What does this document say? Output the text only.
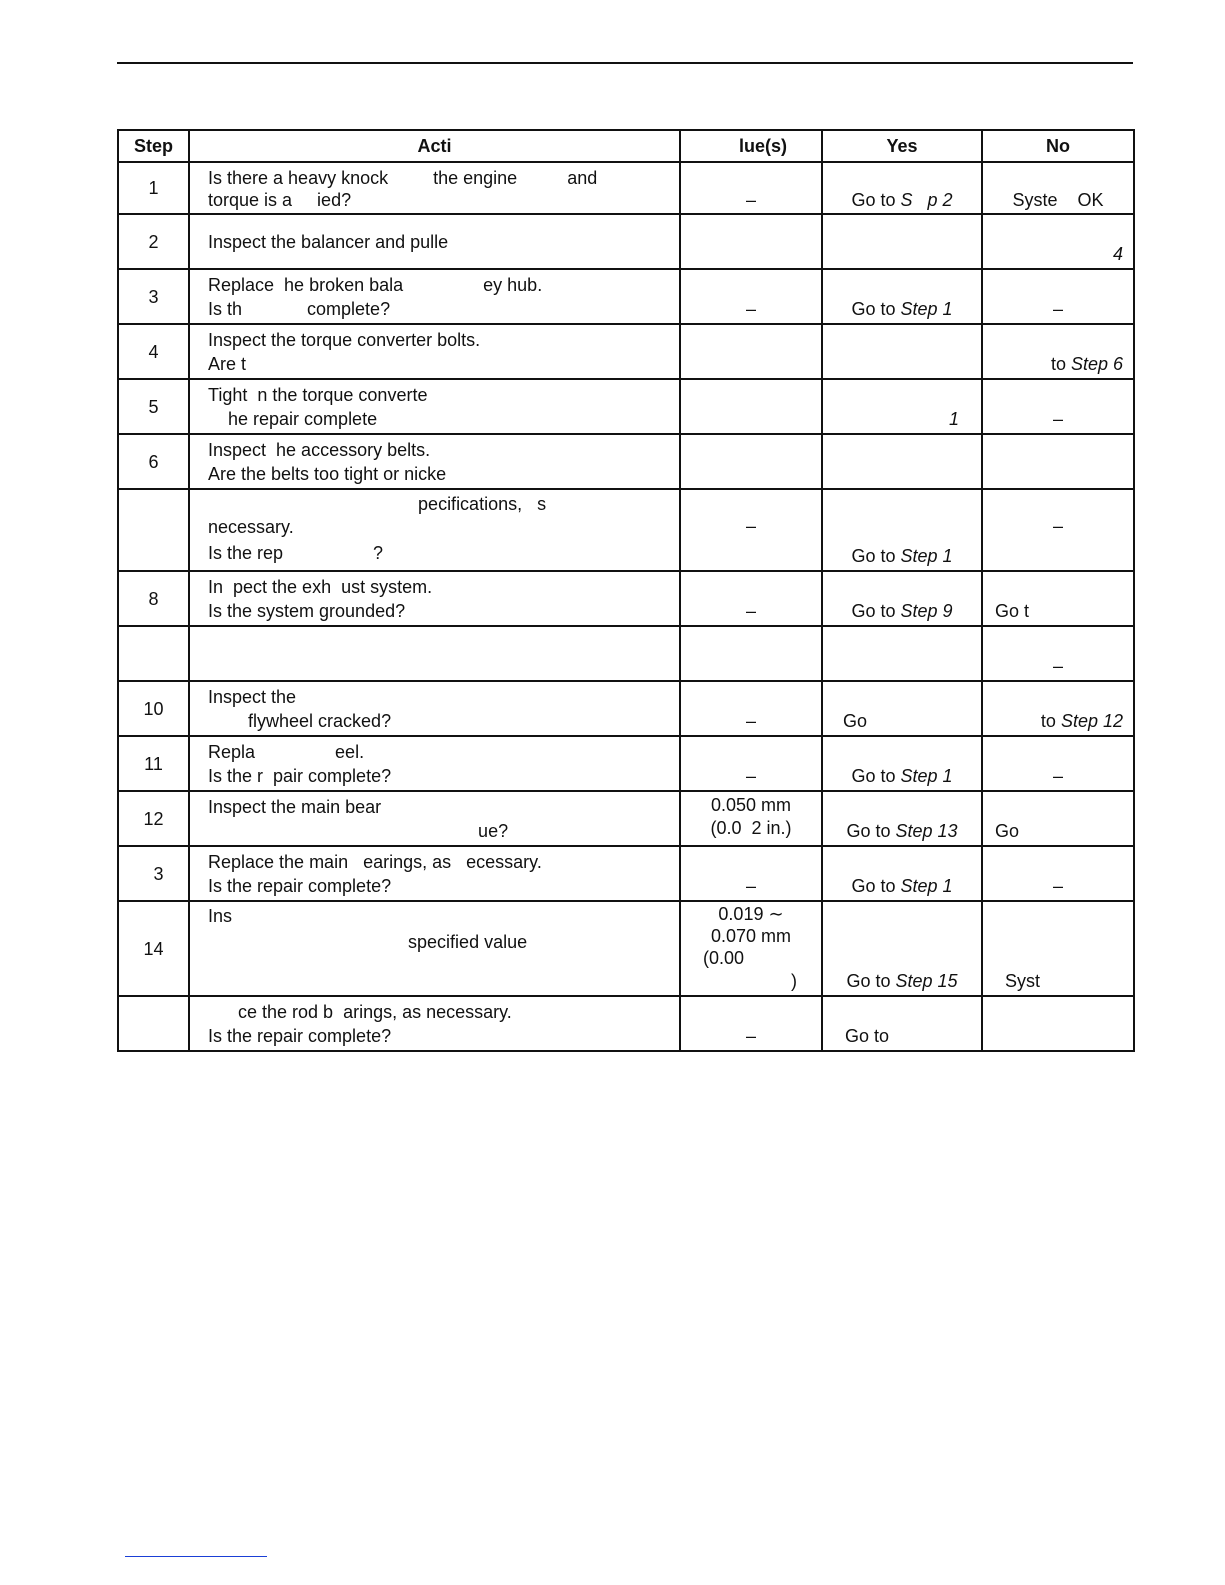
Step	Acti	lue(s)	Yes	No
1	Is there a heavy knock         the engine          and
torque is a     ied?	–	Go to S   p 2	Syste    OK

2	Inspect the balancer and pulle			4

3	Replace  he broken bala                ey hub.
Is th             complete?	–	Go to Step 1	–

4	Inspect the torque converter bolts.
Are t			to Step 6

5	Tight  n the torque converte
he repair complete		1	–

6	Inspect  he accessory belts.
Are the belts too tight or nicke			

	pecifications,   s
necessary.
Is the rep                  ?	–	Go to Step 1	–

8	In  pect the exh  ust system.
Is the system grounded?	–	Go to Step 9	Go t

				–

10	Inspect the
flywheel cracked?	–	Go	to Step 12

11	Repla                eel.
Is the r  pair complete?	–	Go to Step 1	–

12	Inspect the main bear
ue?	0.050 mm
(0.0  2 in.)	Go to Step 13	Go

3	Replace the main   earings, as   ecessary.
Is the repair complete?	–	Go to Step 1	–

14	Ins
specified value	0.019 ∼
0.070 mm
(0.00
)	Go to Step 15	Syst

	ce the rod b  arings, as necessary.
Is the repair complete?	–	Go to	
